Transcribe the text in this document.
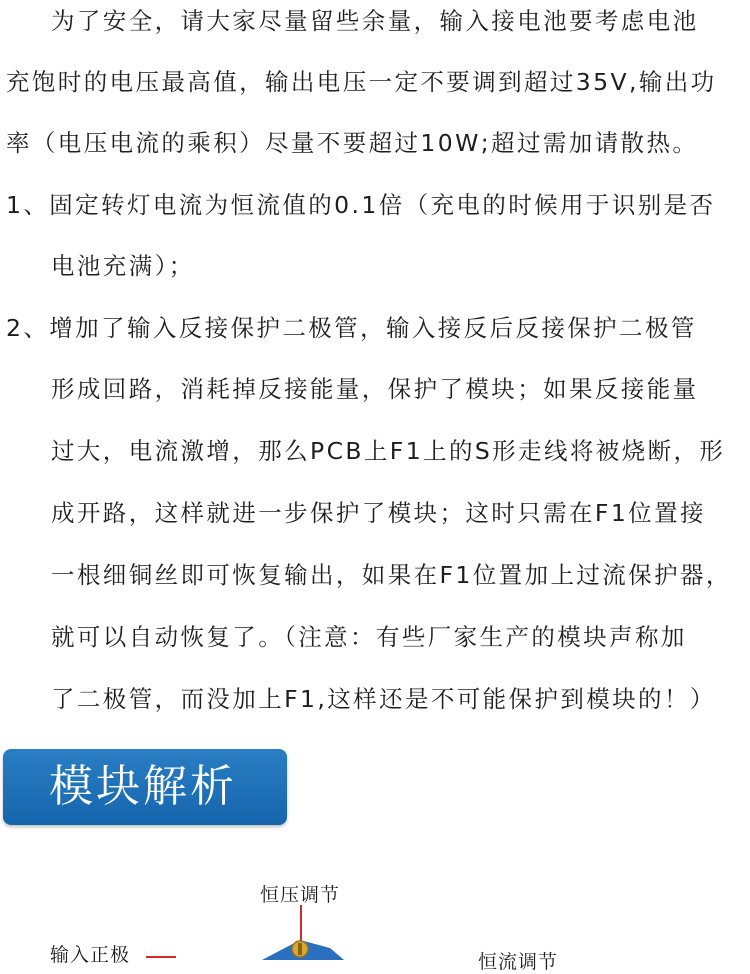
为了安全，请大家尽量留些余量，输入接电池要考虑电池
充饱时的电压最高值，输出电压一定不要调到超过35V,输出功
率（电压电流的乘积）尽量不要超过10W;超过需加请散热。
1、固定转灯电流为恒流值的0.1倍（充电的时候用于识别是否
电池充满）；
2、增加了输入反接保护二极管，输入接反后反接保护二极管
形成回路，消耗掉反接能量，保护了模块；如果反接能量
过大，电流激增，那么PCB上F1上的S形走线将被烧断，形
成开路，这样就进一步保护了模块；这时只需在F1位置接
一根细铜丝即可恢复输出，如果在F1位置加上过流保护器，
就可以自动恢复了。（注意：有些厂家生产的模块声称加
了二极管，而没加上F1,这样还是不可能保护到模块的！）
模块解析
恒压调节
输入正极	恒流调节
